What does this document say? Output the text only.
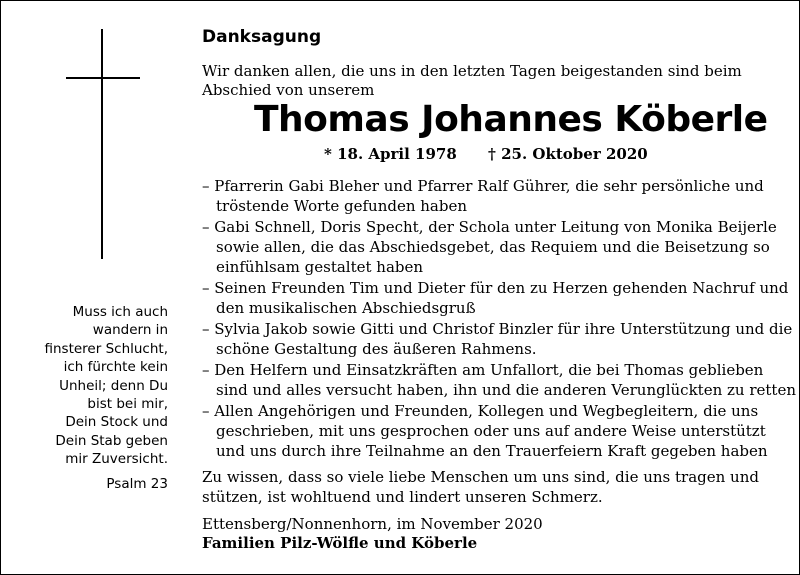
Muss ich auch
wandern in
finsterer Schlucht,
ich fürchte kein
Unheil; denn Du
bist bei mir,
Dein Stock und
Dein Stab geben
mir Zuversicht.
Psalm 23
Danksagung
Wir danken allen, die uns in den letzten Tagen beigestanden sind beim
Abschied von unserem
Thomas Johannes Köberle
* 18. April 1978 † 25. Oktober 2020
– Pfarrerin Gabi Bleher und Pfarrer Ralf Gührer, die sehr persönliche und
tröstende Worte gefunden haben
– Gabi Schnell, Doris Specht, der Schola unter Leitung von Monika Beijerle
sowie allen, die das Abschiedsgebet, das Requiem und die Beisetzung so
einfühlsam gestaltet haben
– Seinen Freunden Tim und Dieter für den zu Herzen gehenden Nachruf und
den musikalischen Abschiedsgruß
– Sylvia Jakob sowie Gitti und Christof Binzler für ihre Unterstützung und die
schöne Gestaltung des äußeren Rahmens.
– Den Helfern und Einsatzkräften am Unfallort, die bei Thomas geblieben
sind und alles versucht haben, ihn und die anderen Verunglückten zu retten
– Allen Angehörigen und Freunden, Kollegen und Wegbegleitern, die uns
geschrieben, mit uns gesprochen oder uns auf andere Weise unterstützt
und uns durch ihre Teilnahme an den Trauerfeiern Kraft gegeben haben
Zu wissen, dass so viele liebe Menschen um uns sind, die uns tragen und
stützen, ist wohltuend und lindert unseren Schmerz.
Ettensberg/Nonnenhorn, im November 2020
Familien Pilz-Wölfle und Köberle
